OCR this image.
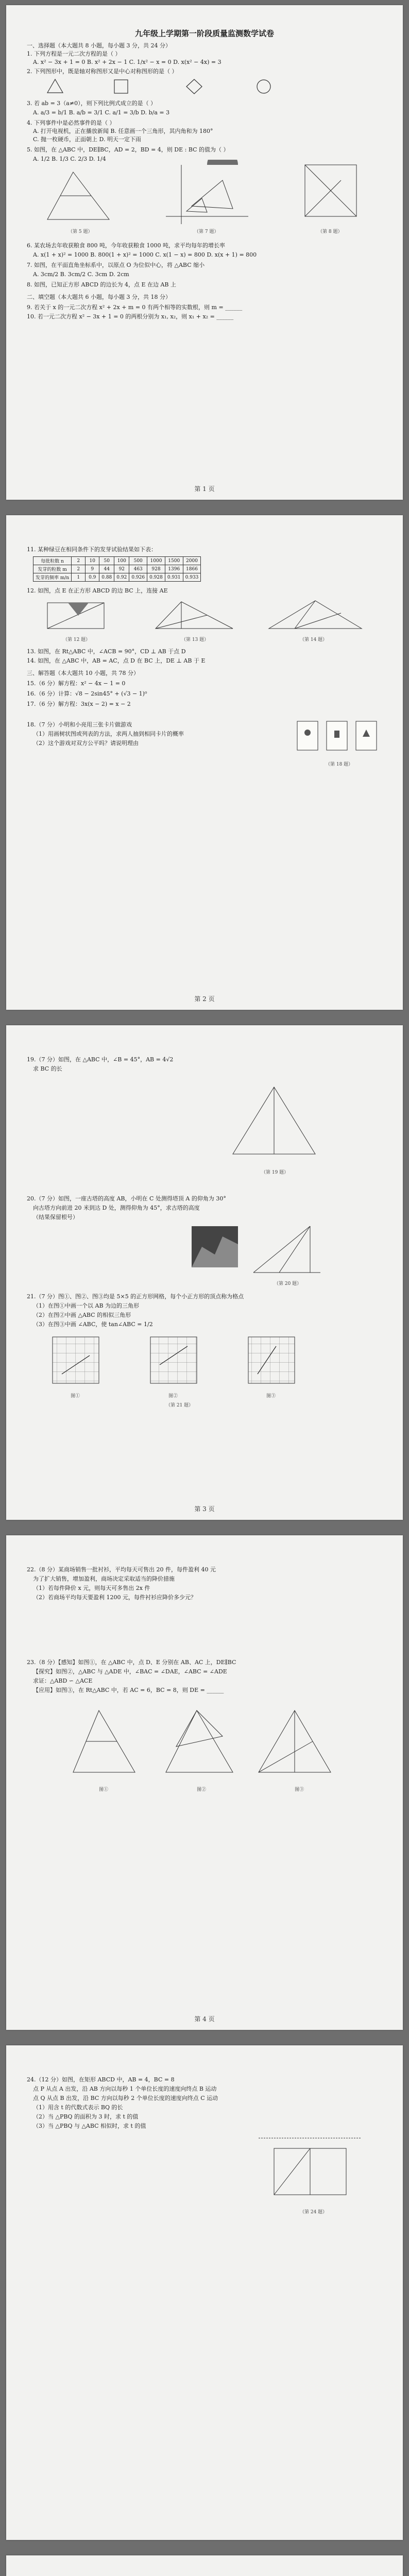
九年级上学期第一阶段质量监测数学试卷
一、选择题（本大题共 8 小题，每小题 3 分，共 24 分）
1. 下列方程是一元二次方程的是（ ）
A. x² − 3x + 1 = 0 B. x² + 2x − 1 C. 1/x² − x = 0 D. x(x² − 4x) = 3
2. 下列图形中，既是轴对称图形又是中心对称图形的是（ ）
3. 若 ab = 3（a≠0），则下列比例式成立的是（ ）
A. a/3 = b/1 B. a/b = 3/1 C. a/1 = 3/b D. b/a = 3
4. 下列事件中是必然事件的是（ ）
A. 打开电视机，正在播放新闻 B. 任意画一个三角形，其内角和为 180°
C. 抛一枚硬币，正面朝上 D. 明天一定下雨
5. 如图，在 △ABC 中，DE∥BC，AD = 2，BD = 4，则 DE : BC 的值为（ ）
A. 1/2 B. 1/3 C. 2/3 D. 1/4
（第 5 题）	（第 7 题）	（第 8 题）
6. 某农场去年收获粮食 800 吨，今年收获粮食 1000 吨，求平均每年的增长率
A. x(1 + x)² = 1000 B. 800(1 + x)² = 1000 C. x(1 − x) = 800 D. x(x + 1) = 800
7. 如图，在平面直角坐标系中，以原点 O 为位似中心，将 △ABC 缩小
A. 3cm/2 B. 3cm/2 C. 3cm D. 2cm
8. 如图，已知正方形 ABCD 的边长为 4，点 E 在边 AB 上
二、填空题（本大题共 6 小题，每小题 3 分，共 18 分）
9. 若关于 x 的一元二次方程 x² + 2x + m = 0 有两个相等的实数根，则 m = ______
10. 若一元二次方程 x² − 3x + 1 = 0 的两根分别为 x₁, x₂，则 x₁ + x₂ = ______
第 1 页
11. 某种绿豆在相同条件下的发芽试验结果如下表：
每批粒数 n	2	10	50	100	500	1000	1500	2000
发芽的粒数 m	2	9	44	92	463	928	1396	1866
发芽的频率 m/n	1	0.9	0.88	0.92	0.926	0.928	0.931	0.933
12. 如图，点 E 在正方形 ABCD 的边 BC 上，连接 AE
（第 12 题）	（第 13 题）	（第 14 题）
13. 如图，在 Rt△ABC 中，∠ACB = 90°，CD ⊥ AB 于点 D
14. 如图，在 △ABC 中，AB = AC，点 D 在 BC 上，DE ⊥ AB 于 E
三、解答题（本大题共 10 小题，共 78 分）
15.（6 分）解方程：x² − 4x − 1 = 0
16.（6 分）计算：√8 − 2sin45° + (√3 − 1)⁰
17.（6 分）解方程：3x(x − 2) = x − 2
18.（7 分）小明和小亮用三张卡片做游戏
（1）用画树状图或列表的方法，求两人抽到相同卡片的概率
（2）这个游戏对双方公平吗？请说明理由
（第 18 题）
第 2 页
19.（7 分）如图，在 △ABC 中，∠B = 45°，AB = 4√2
求 BC 的长
（第 19 题）
20.（7 分）如图，一座古塔的高度 AB，小明在 C 处测得塔顶 A 的仰角为 30°
向古塔方向前进 20 米到达 D 处，测得仰角为 45°，求古塔的高度
（结果保留根号）
（第 20 题）
21.（7 分）图①、图②、图③均是 5×5 的正方形网格，每个小正方形的顶点称为格点
（1）在图①中画一个以 AB 为边的三角形
（2）在图②中画 △ABC 的相似三角形
（3）在图③中画 ∠ABC，使 tan∠ABC = 1/2
图①	图②	图③
（第 21 题）
第 3 页
22.（8 分）某商场销售一批衬衫，平均每天可售出 20 件，每件盈利 40 元
为了扩大销售，增加盈利，商场决定采取适当的降价措施
（1）若每件降价 x 元，则每天可多售出 2x 件
（2）若商场平均每天要盈利 1200 元，每件衬衫应降价多少元？
23.（8 分）【感知】如图①，在 △ABC 中，点 D、E 分别在 AB、AC 上，DE∥BC
【探究】如图②，△ABC 与 △ADE 中，∠BAC = ∠DAE，∠ABC = ∠ADE
求证：△ABD ∽ △ACE
【应用】如图③，在 Rt△ABC 中，若 AC = 6，BC = 8，则 DE = ______
图①	图②	图③
第 4 页
24.（12 分）如图，在矩形 ABCD 中，AB = 4，BC = 8
点 P 从点 A 出发，沿 AB 方向以每秒 1 个单位长度的速度向终点 B 运动
点 Q 从点 B 出发，沿 BC 方向以每秒 2 个单位长度的速度向终点 C 运动
（1）用含 t 的代数式表示 BQ 的长
（2）当 △PBQ 的面积为 3 时，求 t 的值
（3）当 △PBQ 与 △ABC 相似时，求 t 的值
（第 24 题）
